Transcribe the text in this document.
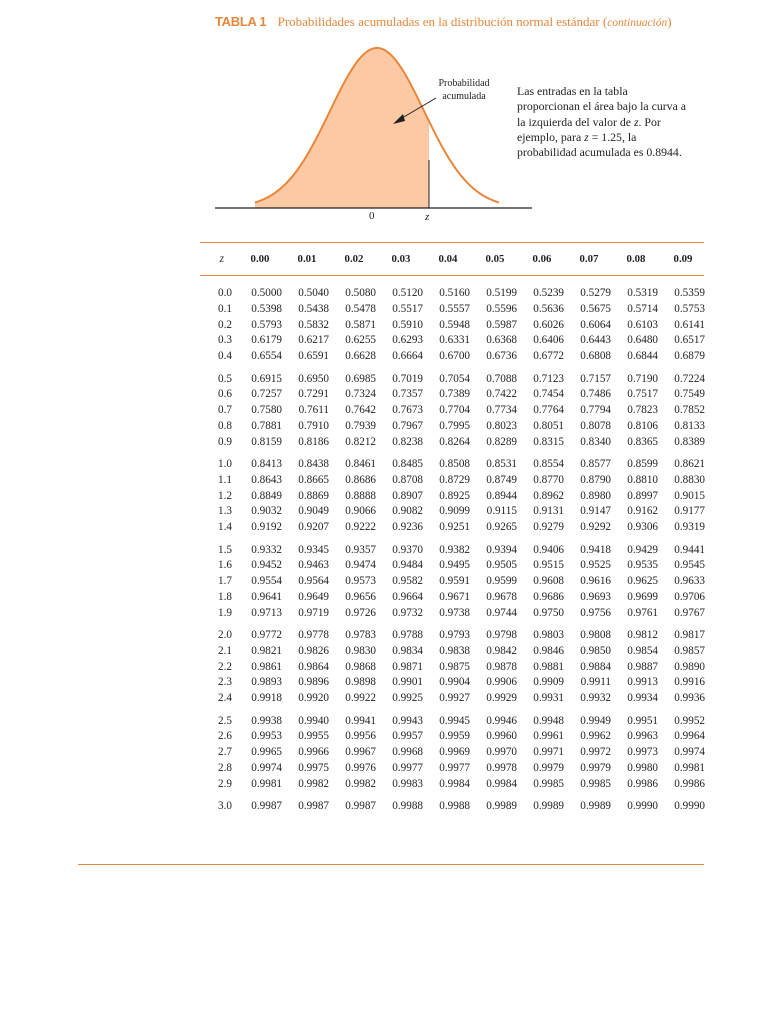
TABLA 1 Probabilidades acumuladas en la distribución normal estándar (continuación)
Probabilidad
acumulada	Las entradas en la tabla proporcionan el área bajo la curva a la izquierda del valor de z. Por ejemplo, para z = 1.25, la probabilidad acumulada es 0.8944.
0	z
z	0.00	0.01	0.02	0.03	0.04	0.05	0.06	0.07	0.08	0.09
0.0	0.5000	0.5040	0.5080	0.5120	0.5160	0.5199	0.5239	0.5279	0.5319	0.5359
0.1	0.5398	0.5438	0.5478	0.5517	0.5557	0.5596	0.5636	0.5675	0.5714	0.5753
0.2	0.5793	0.5832	0.5871	0.5910	0.5948	0.5987	0.6026	0.6064	0.6103	0.6141
0.3	0.6179	0.6217	0.6255	0.6293	0.6331	0.6368	0.6406	0.6443	0.6480	0.6517
0.4	0.6554	0.6591	0.6628	0.6664	0.6700	0.6736	0.6772	0.6808	0.6844	0.6879
0.5	0.6915	0.6950	0.6985	0.7019	0.7054	0.7088	0.7123	0.7157	0.7190	0.7224
0.6	0.7257	0.7291	0.7324	0.7357	0.7389	0.7422	0.7454	0.7486	0.7517	0.7549
0.7	0.7580	0.7611	0.7642	0.7673	0.7704	0.7734	0.7764	0.7794	0.7823	0.7852
0.8	0.7881	0.7910	0.7939	0.7967	0.7995	0.8023	0.8051	0.8078	0.8106	0.8133
0.9	0.8159	0.8186	0.8212	0.8238	0.8264	0.8289	0.8315	0.8340	0.8365	0.8389
1.0	0.8413	0.8438	0.8461	0.8485	0.8508	0.8531	0.8554	0.8577	0.8599	0.8621
1.1	0.8643	0.8665	0.8686	0.8708	0.8729	0.8749	0.8770	0.8790	0.8810	0.8830
1.2	0.8849	0.8869	0.8888	0.8907	0.8925	0.8944	0.8962	0.8980	0.8997	0.9015
1.3	0.9032	0.9049	0.9066	0.9082	0.9099	0.9115	0.9131	0.9147	0.9162	0.9177
1.4	0.9192	0.9207	0.9222	0.9236	0.9251	0.9265	0.9279	0.9292	0.9306	0.9319
1.5	0.9332	0.9345	0.9357	0.9370	0.9382	0.9394	0.9406	0.9418	0.9429	0.9441
1.6	0.9452	0.9463	0.9474	0.9484	0.9495	0.9505	0.9515	0.9525	0.9535	0.9545
1.7	0.9554	0.9564	0.9573	0.9582	0.9591	0.9599	0.9608	0.9616	0.9625	0.9633
1.8	0.9641	0.9649	0.9656	0.9664	0.9671	0.9678	0.9686	0.9693	0.9699	0.9706
1.9	0.9713	0.9719	0.9726	0.9732	0.9738	0.9744	0.9750	0.9756	0.9761	0.9767
2.0	0.9772	0.9778	0.9783	0.9788	0.9793	0.9798	0.9803	0.9808	0.9812	0.9817
2.1	0.9821	0.9826	0.9830	0.9834	0.9838	0.9842	0.9846	0.9850	0.9854	0.9857
2.2	0.9861	0.9864	0.9868	0.9871	0.9875	0.9878	0.9881	0.9884	0.9887	0.9890
2.3	0.9893	0.9896	0.9898	0.9901	0.9904	0.9906	0.9909	0.9911	0.9913	0.9916
2.4	0.9918	0.9920	0.9922	0.9925	0.9927	0.9929	0.9931	0.9932	0.9934	0.9936
2.5	0.9938	0.9940	0.9941	0.9943	0.9945	0.9946	0.9948	0.9949	0.9951	0.9952
2.6	0.9953	0.9955	0.9956	0.9957	0.9959	0.9960	0.9961	0.9962	0.9963	0.9964
2.7	0.9965	0.9966	0.9967	0.9968	0.9969	0.9970	0.9971	0.9972	0.9973	0.9974
2.8	0.9974	0.9975	0.9976	0.9977	0.9977	0.9978	0.9979	0.9979	0.9980	0.9981
2.9	0.9981	0.9982	0.9982	0.9983	0.9984	0.9984	0.9985	0.9985	0.9986	0.9986
3.0	0.9987	0.9987	0.9987	0.9988	0.9988	0.9989	0.9989	0.9989	0.9990	0.9990
